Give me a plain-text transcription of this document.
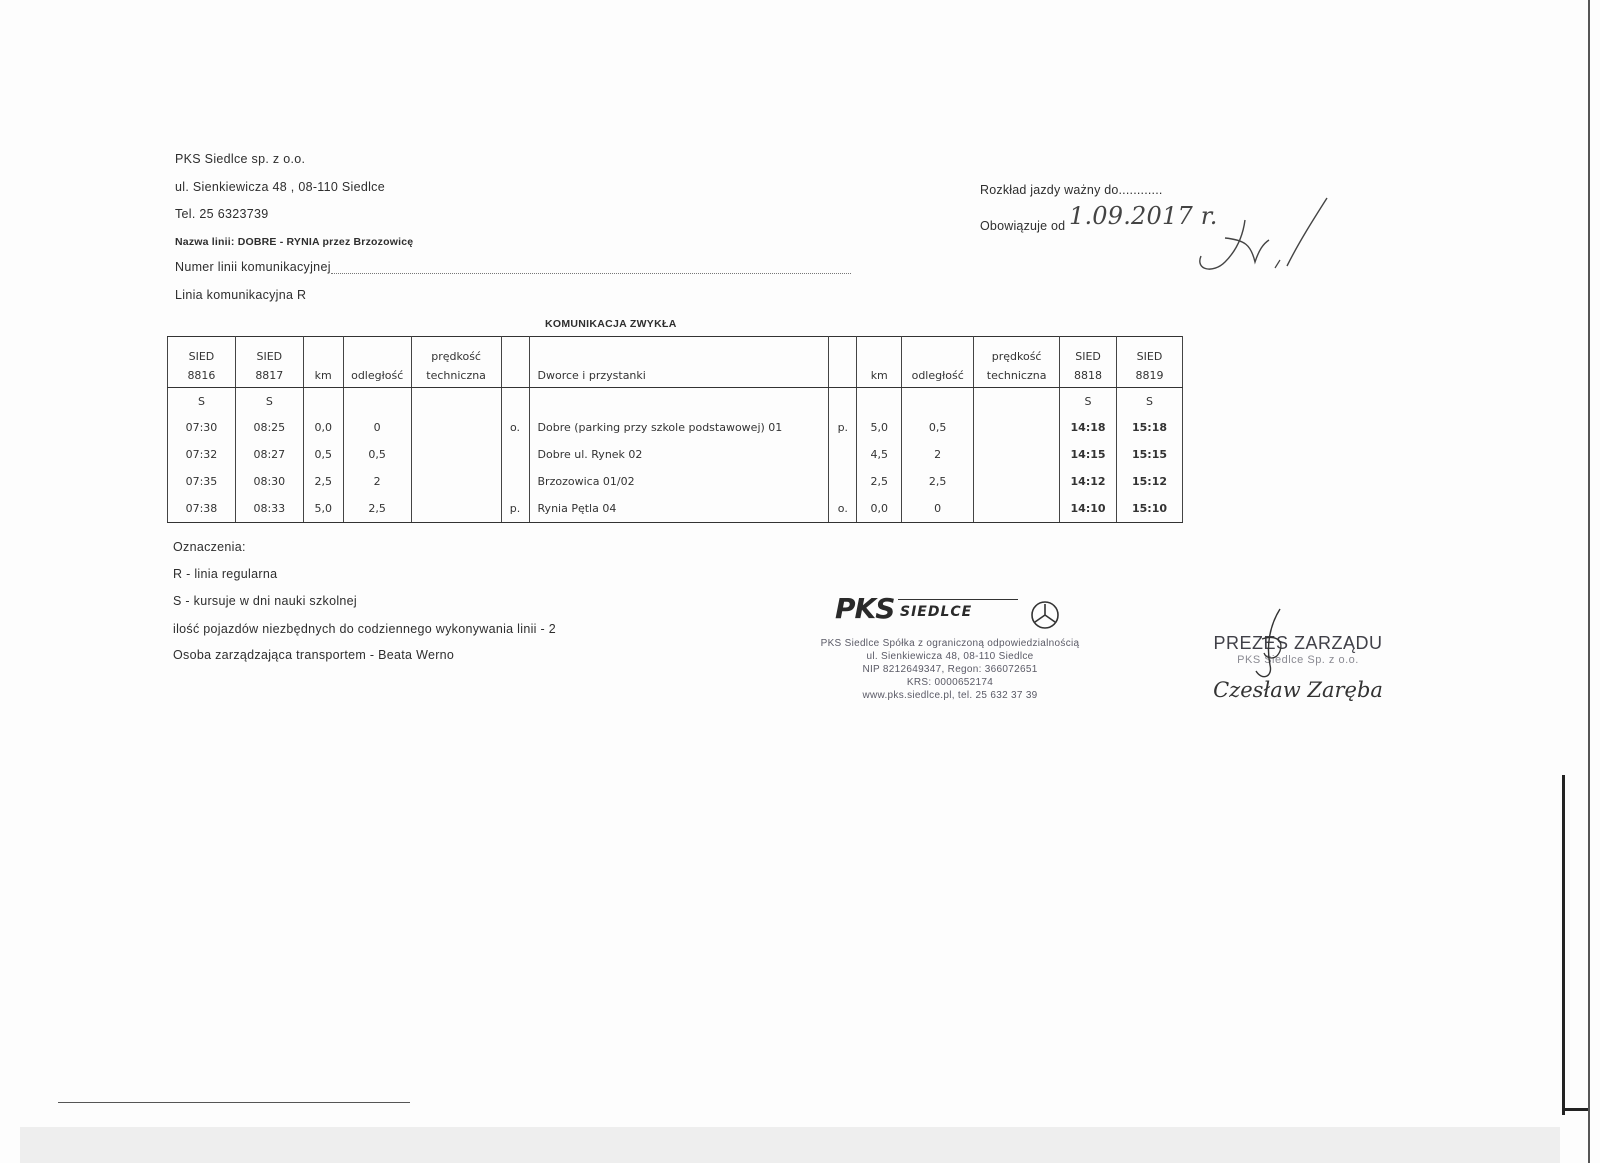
PKS Siedlce sp. z o.o.
ul. Sienkiewicza 48 , 08-110 Siedlce
Tel. 25 6323739
Nazwa linii: DOBRE - RYNIA przez Brzozowicę
Numer linii komunikacyjnej
Linia komunikacyjna R
Rozkład jazdy ważny do............
Obowiązuje od 1.09.2017 r.
KOMUNIKACJA ZWYKŁA
SIED	SIED			prędkość						prędkość	SIED	SIED
8816	8817	km	odległość	techniczna		Dworce i przystanki		km	odległość	techniczna	8818	8819
S	S										S	S
07:30	08:25	0,0	0		o.	Dobre (parking przy szkole podstawowej) 01	p.	5,0	0,5		14:18	15:18
07:32	08:27	0,5	0,5			Dobre ul. Rynek 02		4,5	2		14:15	15:15
07:35	08:30	2,5	2			Brzozowica 01/02		2,5	2,5		14:12	15:12
07:38	08:33	5,0	2,5		p.	Rynia Pętla 04	o.	0,0	0		14:10	15:10
Oznaczenia:
R - linia regularna
S - kursuje w dni nauki szkolnej
ilość pojazdów niezbędnych do codziennego wykonywania linii - 2
Osoba zarządzająca transportem - Beata Werno
PKS SIEDLCE
PKS Siedlce Spółka z ograniczoną odpowiedzialnością
ul. Sienkiewicza 48, 08-110 Siedlce
NIP 8212649347, Regon: 366072651
KRS: 0000652174
www.pks.siedlce.pl, tel. 25 632 37 39
PREZES ZARZĄDU
PKS Siedlce Sp. z o.o.
Czesław Zaręba
